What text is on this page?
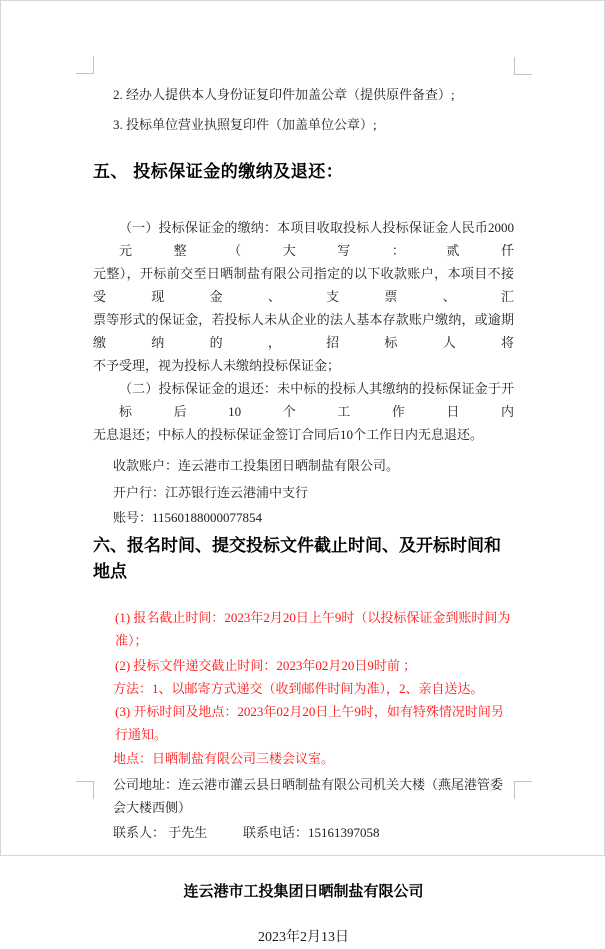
2. 经办人提供本人身份证复印件加盖公章（提供原件备查）;
3. 投标单位营业执照复印件（加盖单位公章）;
五、 投标保证金的缴纳及退还：
（一）投标保证金的缴纳：本项目收取投标人投标保证金人民币2000元整（大写：贰仟
元整），开标前交至日晒制盐有限公司指定的以下收款账户，本项目不接受现金、支票、汇
票等形式的保证金，若投标人未从企业的法人基本存款账户缴纳，或逾期缴纳的，招标人将
不予受理，视为投标人未缴纳投标保证金；
（二）投标保证金的退还：未中标的投标人其缴纳的投标保证金于开标后10个工作日内
无息退还；中标人的投标保证金签订合同后10个工作日内无息退还。
收款账户：连云港市工投集团日晒制盐有限公司。
开户行：江苏银行连云港浦中支行
账号：11560188000077854
六、报名时间、提交投标文件截止时间、及开标时间和地点
(1) 报名截止时间：2023年2月20日上午9时（以投标保证金到账时间为准）；
(2) 投标文件递交截止时间：2023年02月20日9时前 ；
方法：1、以邮寄方式递交（收到邮件时间为准），2、亲自送达。
(3) 开标时间及地点：2023年02月20日上午9时，如有特殊情况时间另行通知。
地点：日晒制盐有限公司三楼会议室。
公司地址：连云港市灌云县日晒制盐有限公司机关大楼（燕尾港管委会大楼西侧）
联系人： 于先生	联系电话：15161397058
连云港市工投集团日晒制盐有限公司
2023年2月13日
